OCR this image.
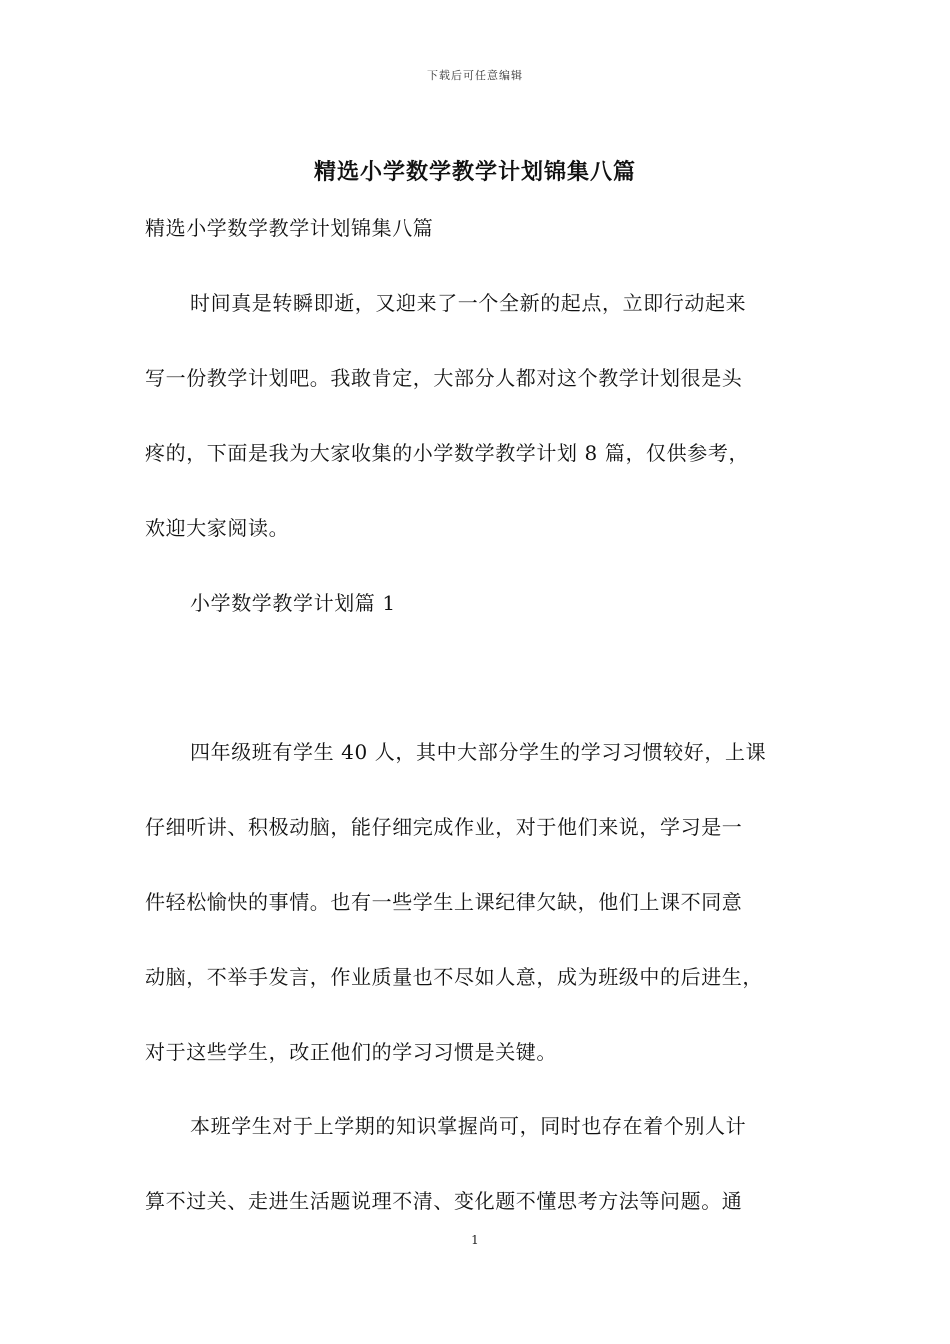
下载后可任意编辑
精选小学数学教学计划锦集八篇
精选小学数学教学计划锦集八篇
时间真是转瞬即逝，又迎来了一个全新的起点，立即行动起来
写一份教学计划吧。我敢肯定，大部分人都对这个教学计划很是头
疼的，下面是我为大家收集的小学数学教学计划 8 篇，仅供参考，
欢迎大家阅读。
小学数学教学计划篇 1
四年级班有学生 40 人，其中大部分学生的学习习惯较好，上课
仔细听讲、积极动脑，能仔细完成作业，对于他们来说，学习是一
件轻松愉快的事情。也有一些学生上课纪律欠缺，他们上课不同意
动脑，不举手发言，作业质量也不尽如人意，成为班级中的后进生，
对于这些学生，改正他们的学习习惯是关键。
本班学生对于上学期的知识掌握尚可，同时也存在着个别人计
算不过关、走进生活题说理不清、变化题不懂思考方法等问题。通
1
